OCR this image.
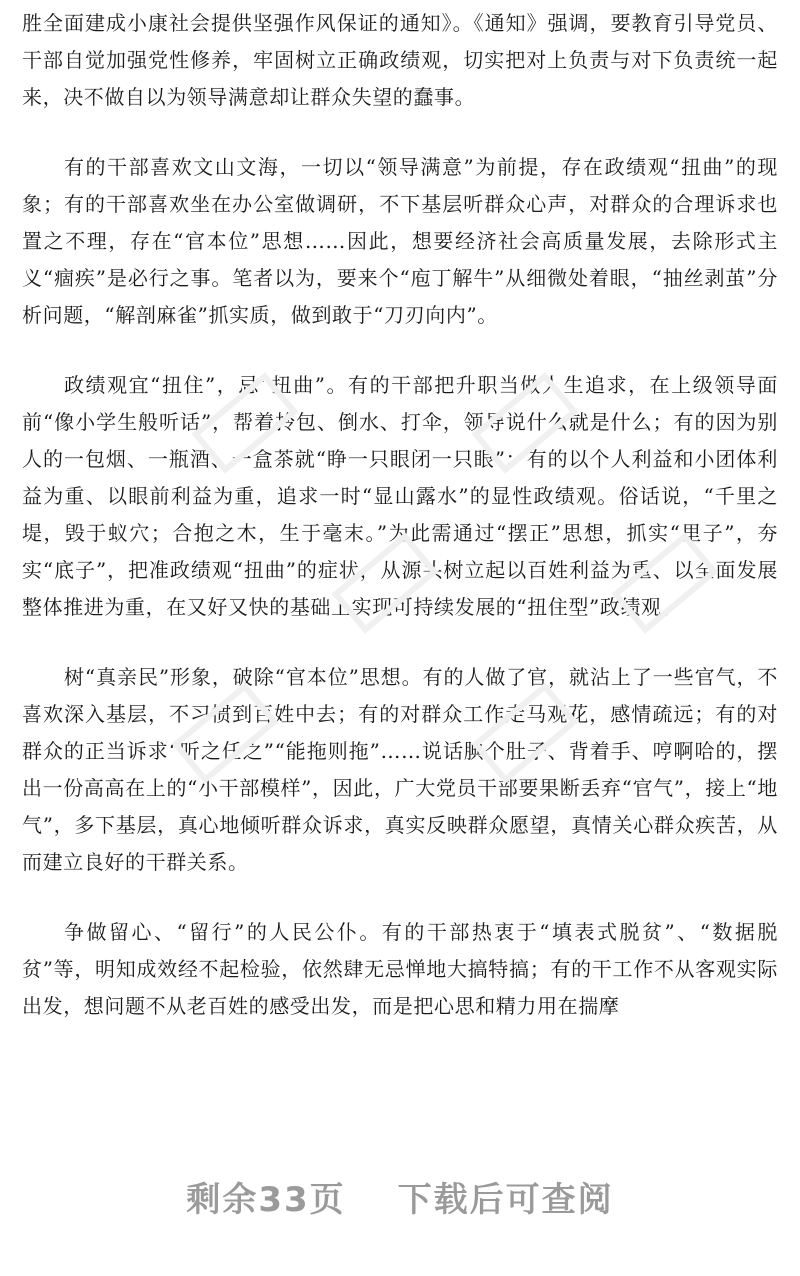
胜全面建成小康社会提供坚强作风保证的通知》。《通知》强调，要教育引导党员、干部自觉加强党性修养，牢固树立正确政绩观，切实把对上负责与对下负责统一起来，决不做自以为领导满意却让群众失望的蠢事。

有的干部喜欢文山文海，一切以“领导满意”为前提，存在政绩观“扭曲”的现象；有的干部喜欢坐在办公室做调研，不下基层听群众心声，对群众的合理诉求也置之不理，存在“官本位”思想……因此，想要经济社会高质量发展，去除形式主义“痼疾”是必行之事。笔者以为，要来个“庖丁解牛”从细微处着眼，“抽丝剥茧”分析问题，“解剖麻雀”抓实质，做到敢于“刀刃向内”。

政绩观宜“扭住”，忌“扭曲”。有的干部把升职当做人生追求，在上级领导面前“像小学生般听话”，帮着拎包、倒水、打伞，领导说什么就是什么；有的因为别人的一包烟、一瓶酒、一盒茶就“睁一只眼闭一只眼”；有的以个人利益和小团体利益为重、以眼前利益为重，追求一时“显山露水”的显性政绩观。俗话说，“千里之堤，毁于蚁穴；合抱之木，生于毫末。”为此需通过“摆正”思想，抓实“里子”，夯实“底子”，把准政绩观“扭曲”的症状，从源头树立起以百姓利益为重、以全面发展整体推进为重，在又好又快的基础上实现可持续发展的“扭住型”政绩观。

树“真亲民”形象，破除“官本位”思想。有的人做了官，就沾上了一些官气，不喜欢深入基层，不习惯到百姓中去；有的对群众工作走马观花，感情疏远；有的对群众的正当诉求“听之任之”“能拖则拖”……说话腆个肚子、背着手、哼啊哈的，摆出一份高高在上的“小干部模样”，因此，广大党员干部要果断丢弃“官气”，接上“地气”，多下基层，真心地倾听群众诉求，真实反映群众愿望，真情关心群众疾苦，从而建立良好的干群关系。

争做留心、“留行”的人民公仆。有的干部热衷于“填表式脱贫”、“数据脱贫”等，明知成效经不起检验，依然肆无忌惮地大搞特搞；有的干工作不从客观实际出发，想问题不从老百姓的感受出发，而是把心思和精力用在揣摩

剩余33页 下载后可查阅
